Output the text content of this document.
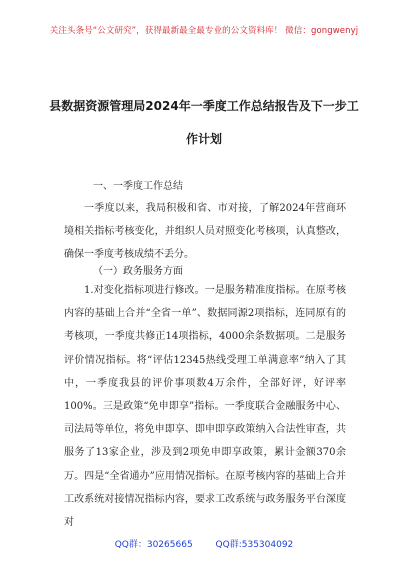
关注头条号“公文研究”，获得最新最全最专业的公文资料库！ 微信：gongwenyj
县数据资源管理局2024年一季度工作总结报告及下一步工
作计划
一、一季度工作总结

一季度以来，我局积极和省、市对接，了解2024年营商环境相关指标考核变化，并组织人员对照变化考核项，认真整改，确保一季度考核成绩不丢分。

（一）政务服务方面

1.对变化指标项进行修改。一是服务精准度指标。在原考核内容的基础上合并“全省一单”、数据同源2项指标，连同原有的考核项，一季度共修正14项指标，4000余条数据项。二是服务评价情况指标。将“评估12345热线受理工单满意率”纳入了其中，一季度我县的评价事项数4万余件，全部好评，好评率100%。三是政策“免申即享”指标。一季度联合金融服务中心、司法局等单位，将免申即享、即申即享政策纳入合法性审查，共服务了13家企业，涉及到2项免申即享政策，累计金额370余万。四是“全省通办”应用情况指标。在原考核内容的基础上合并工改系统对接情况指标内容，要求工改系统与政务服务平台深度对

QQ群：30265665	QQ群:535304092
